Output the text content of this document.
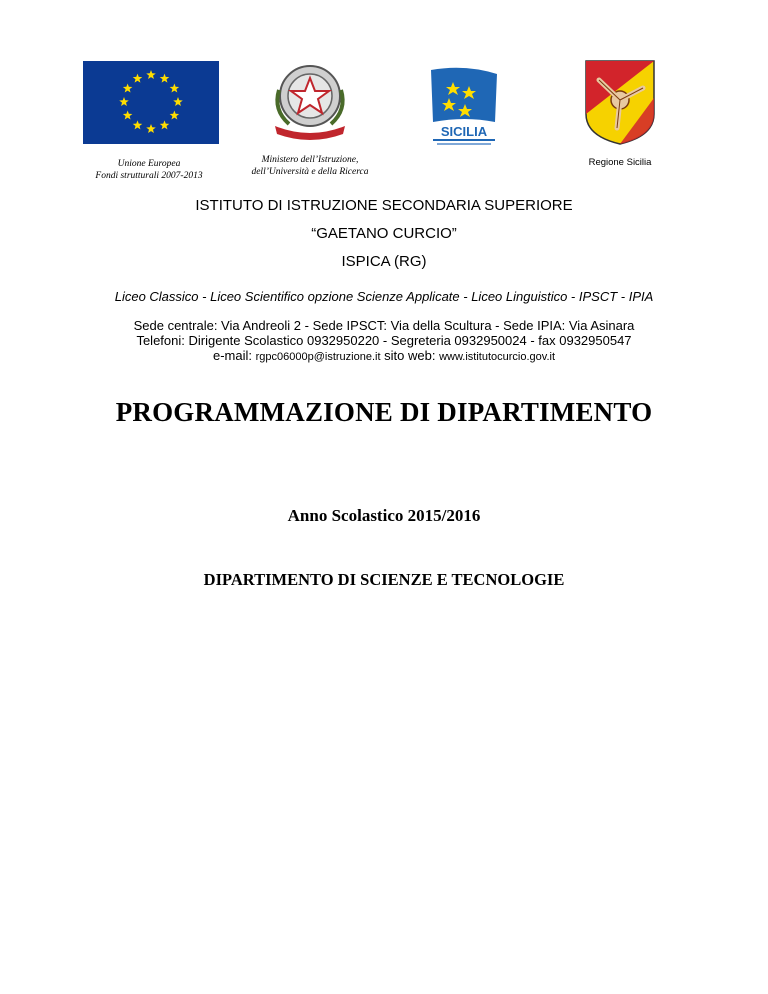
SICILIA
Unione Europea
Fondi strutturali 2007-2013
Ministero dell’Istruzione,
dell’Università e della Ricerca
Regione Sicilia
ISTITUTO DI ISTRUZIONE SECONDARIA SUPERIORE
“GAETANO CURCIO”
ISPICA (RG)
Liceo Classico - Liceo Scientifico opzione Scienze Applicate - Liceo Linguistico - IPSCT - IPIA
Sede centrale: Via Andreoli 2 - Sede IPSCT: Via della Scultura - Sede IPIA: Via Asinara
Telefoni: Dirigente Scolastico 0932950220 - Segreteria 0932950024 - fax 0932950547
e-mail: rgpc06000p@istruzione.it sito web: www.istitutocurcio.gov.it
PROGRAMMAZIONE DI DIPARTIMENTO
Anno Scolastico 2015/2016
DIPARTIMENTO DI SCIENZE E TECNOLOGIE
